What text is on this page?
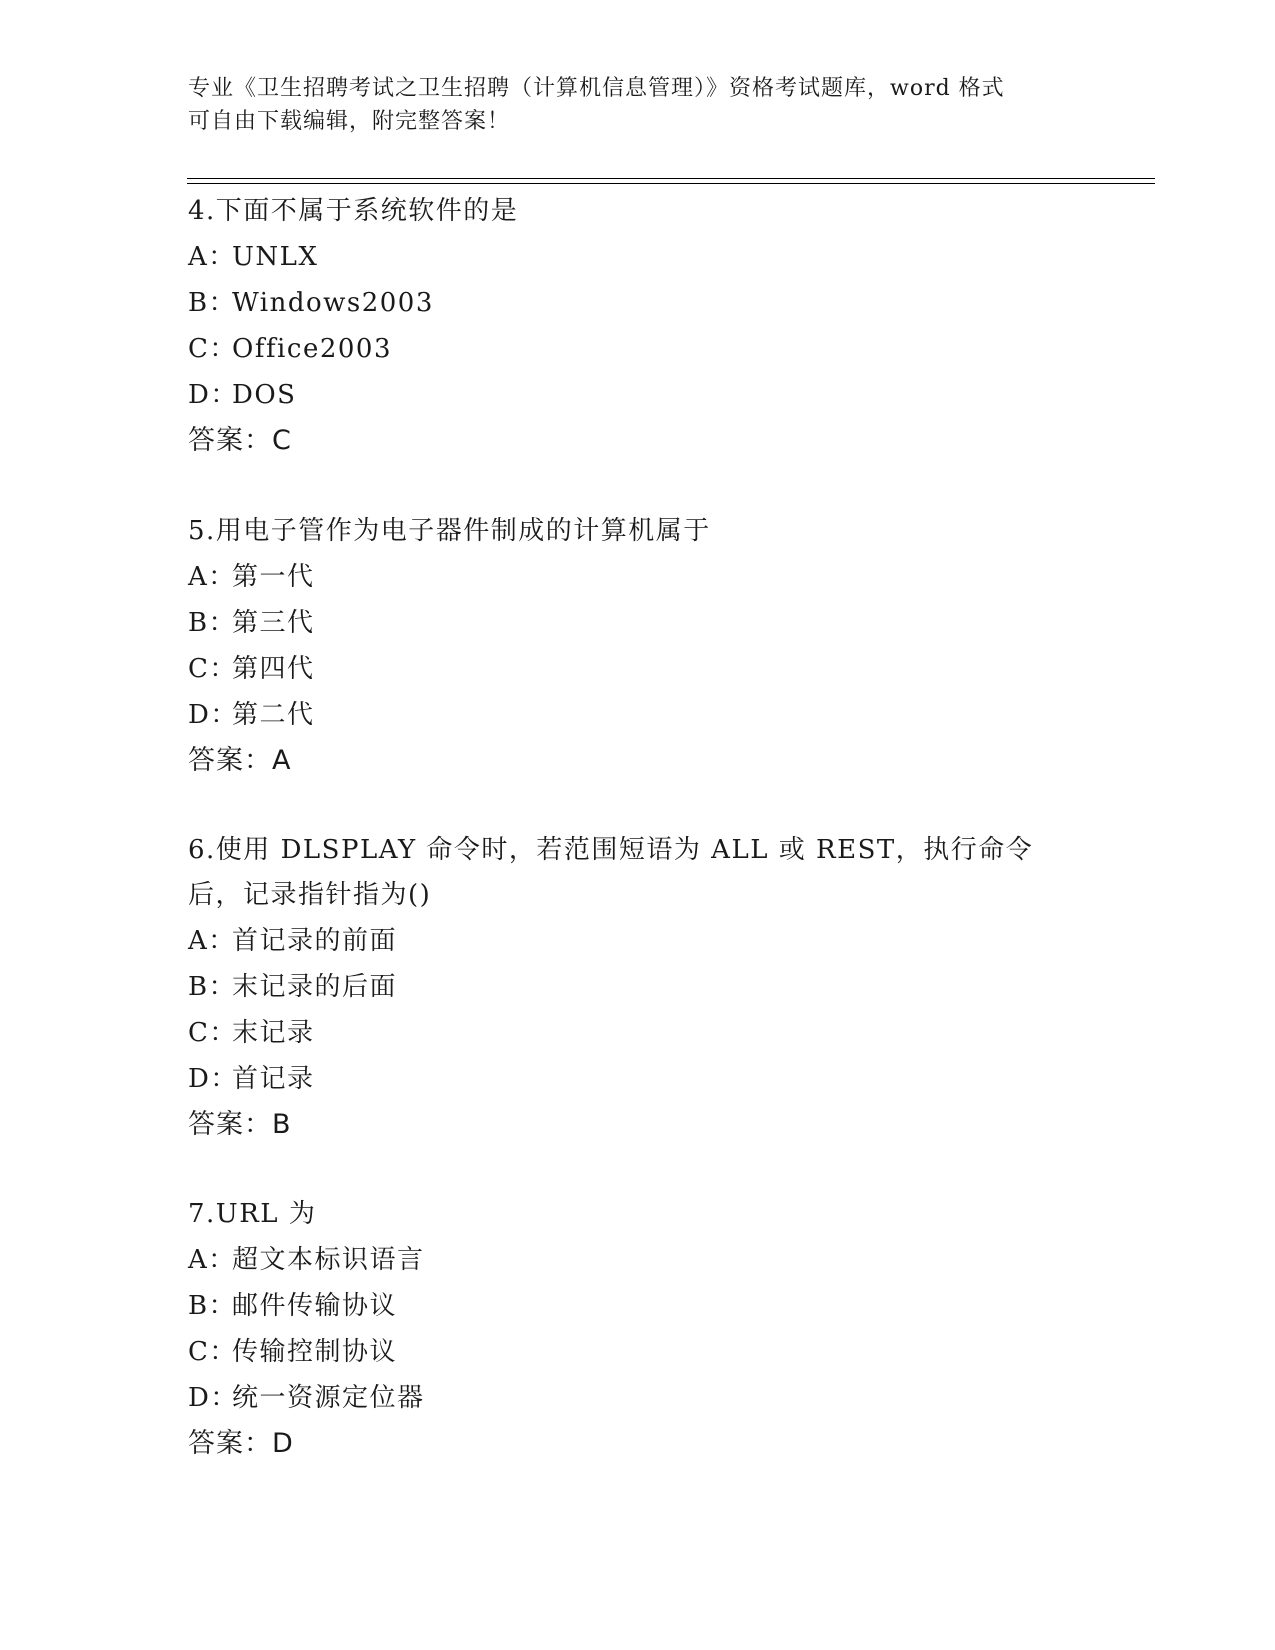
专业《卫生招聘考试之卫生招聘（计算机信息管理）》资格考试题库，word 格式
可自由下载编辑，附完整答案！
4.下面不属于系统软件的是
A：
UNLX
B：
Windows2003
C：
Office2003
D：
DOS
答案：C
5.用电子管作为电子器件制成的计算机属于
A：
第一代
B：
第三代
C：
第四代
D：
第二代
答案：A
6.使用 DLSPLAY 命令时，若范围短语为 ALL 或 REST，执行命令后，记录指针指为()
A：
首记录的前面
B：
末记录的后面
C：
末记录
D：
首记录
答案：B
7.URL 为
A：
超文本标识语言
B：
邮件传输协议
C：
传输控制协议
D：
统一资源定位器
答案：D
